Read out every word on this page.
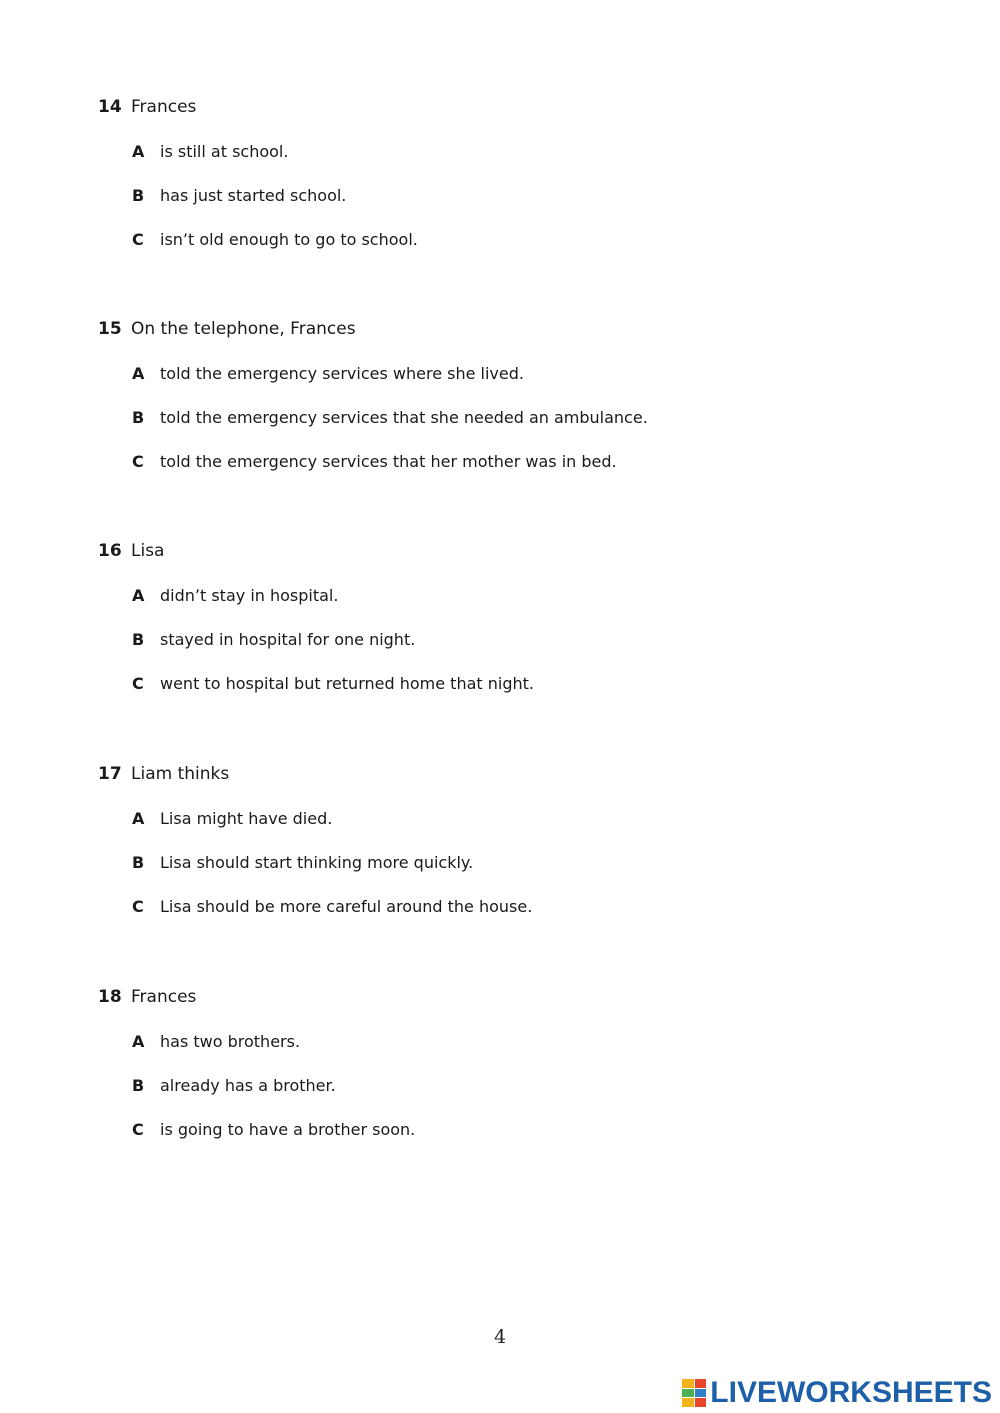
14 Frances
A is still at school.
B has just started school.
C	isn’t old enough to go to school.
15 On the telephone, Frances
A told the emergency services where she lived.
B told the emergency services that she needed an ambulance.
C	told the emergency services that her mother was in bed.
16 Lisa
A didn’t stay in hospital.
B stayed in hospital for one night.
C	went to hospital but returned home that night.
17 Liam thinks
A Lisa might have died.
B Lisa should start thinking more quickly.
C	Lisa should be more careful around the house.
18 Frances
A has two brothers.
B already has a brother.
C	is going to have a brother soon.
4
LIVEWORKSHEETS
